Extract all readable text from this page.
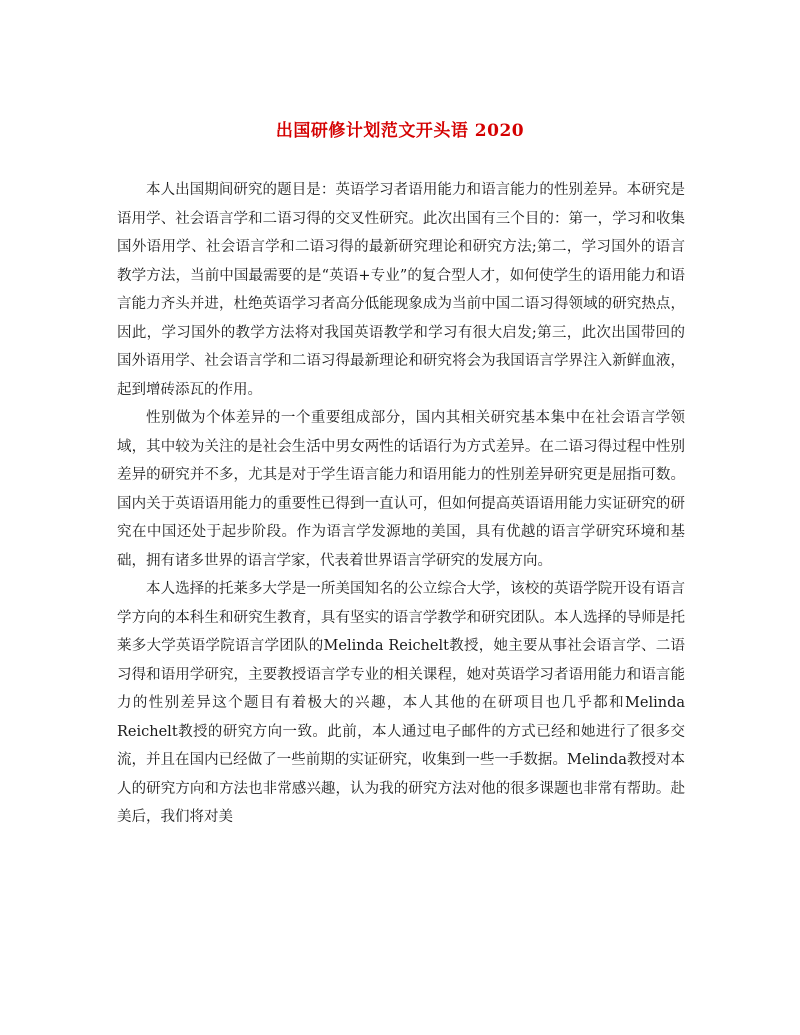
出国研修计划范文开头语 2020

本人出国期间研究的题目是：英语学习者语用能力和语言能力的性别差异。本研究是语用学、社会语言学和二语习得的交叉性研究。此次出国有三个目的：第一，学习和收集国外语用学、社会语言学和二语习得的最新研究理论和研究方法;第二，学习国外的语言教学方法，当前中国最需要的是“英语+专业”的复合型人才，如何使学生的语用能力和语言能力齐头并进，杜绝英语学习者高分低能现象成为当前中国二语习得领域的研究热点，因此，学习国外的教学方法将对我国英语教学和学习有很大启发;第三，此次出国带回的国外语用学、社会语言学和二语习得最新理论和研究将会为我国语言学界注入新鲜血液，起到增砖添瓦的作用。

性别做为个体差异的一个重要组成部分，国内其相关研究基本集中在社会语言学领域，其中较为关注的是社会生活中男女两性的话语行为方式差异。在二语习得过程中性别差异的研究并不多，尤其是对于学生语言能力和语用能力的性别差异研究更是屈指可数。国内关于英语语用能力的重要性已得到一直认可，但如何提高英语语用能力实证研究的研究在中国还处于起步阶段。作为语言学发源地的美国，具有优越的语言学研究环境和基础，拥有诸多世界的语言学家，代表着世界语言学研究的发展方向。

本人选择的托莱多大学是一所美国知名的公立综合大学，该校的英语学院开设有语言学方向的本科生和研究生教育，具有坚实的语言学教学和研究团队。本人选择的导师是托莱多大学英语学院语言学团队的Melinda Reichelt教授，她主要从事社会语言学、二语习得和语用学研究，主要教授语言学专业的相关课程，她对英语学习者语用能力和语言能力的性别差异这个题目有着极大的兴趣，本人其他的在研项目也几乎都和Melinda Reichelt教授的研究方向一致。此前，本人通过电子邮件的方式已经和她进行了很多交流，并且在国内已经做了一些前期的实证研究，收集到一些一手数据。Melinda教授对本人的研究方向和方法也非常感兴趣，认为我的研究方法对他的很多课题也非常有帮助。赴美后，我们将对美
